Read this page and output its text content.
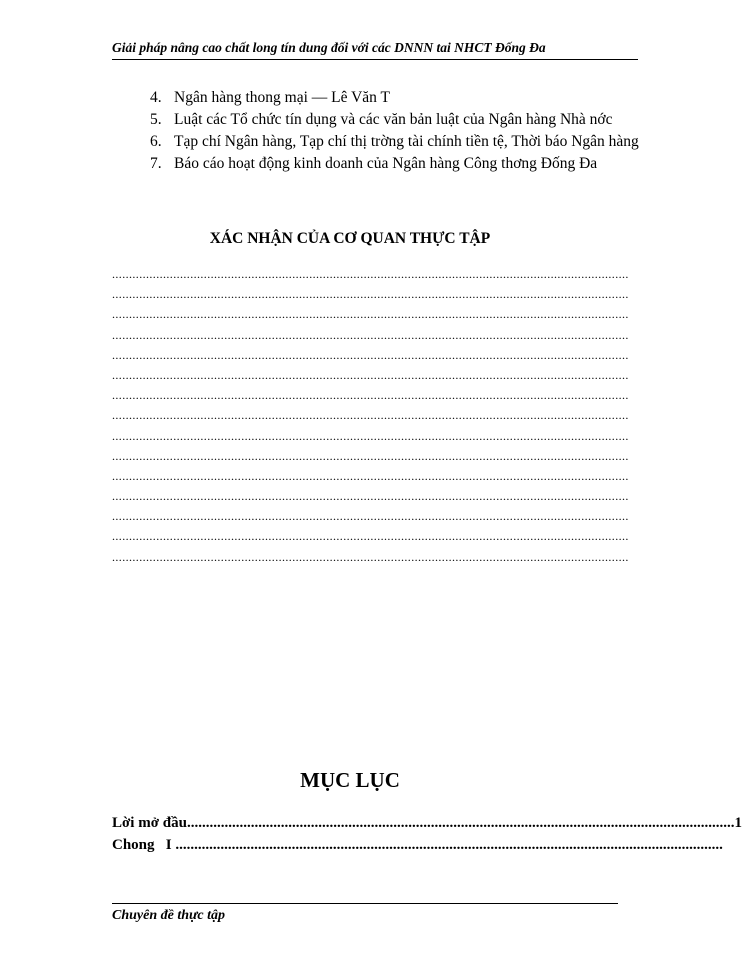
Giải pháp nâng cao chất long tín dung đối với các DNNN tai NHCT Đống Đa
4. Ngân hàng thong mại — Lê Văn T
5. Luật các Tổ chức tín dụng và các văn bản luật của Ngân hàng Nhà nớc
6. Tạp chí Ngân hàng, Tạp chí thị trờng tài chính tiền tệ, Thời báo Ngân hàng
7. Báo cáo hoạt động kinh doanh của Ngân hàng Công thơng Đống Đa
XÁC NHẬN CỦA CƠ QUAN THỰC TẬP
........................................................................................................................................................
........................................................................................................................................................
........................................................................................................................................................
........................................................................................................................................................
........................................................................................................................................................
........................................................................................................................................................
........................................................................................................................................................
........................................................................................................................................................
........................................................................................................................................................
........................................................................................................................................................
........................................................................................................................................................
........................................................................................................................................................
........................................................................................................................................................
........................................................................................................................................................
........................................................................................................................................................
MỤC LỤC
Lời mở đầu .................................................................................................................................................. 1
Chong   I ..................................................................................................................................................
Chuyên đề thực tập
